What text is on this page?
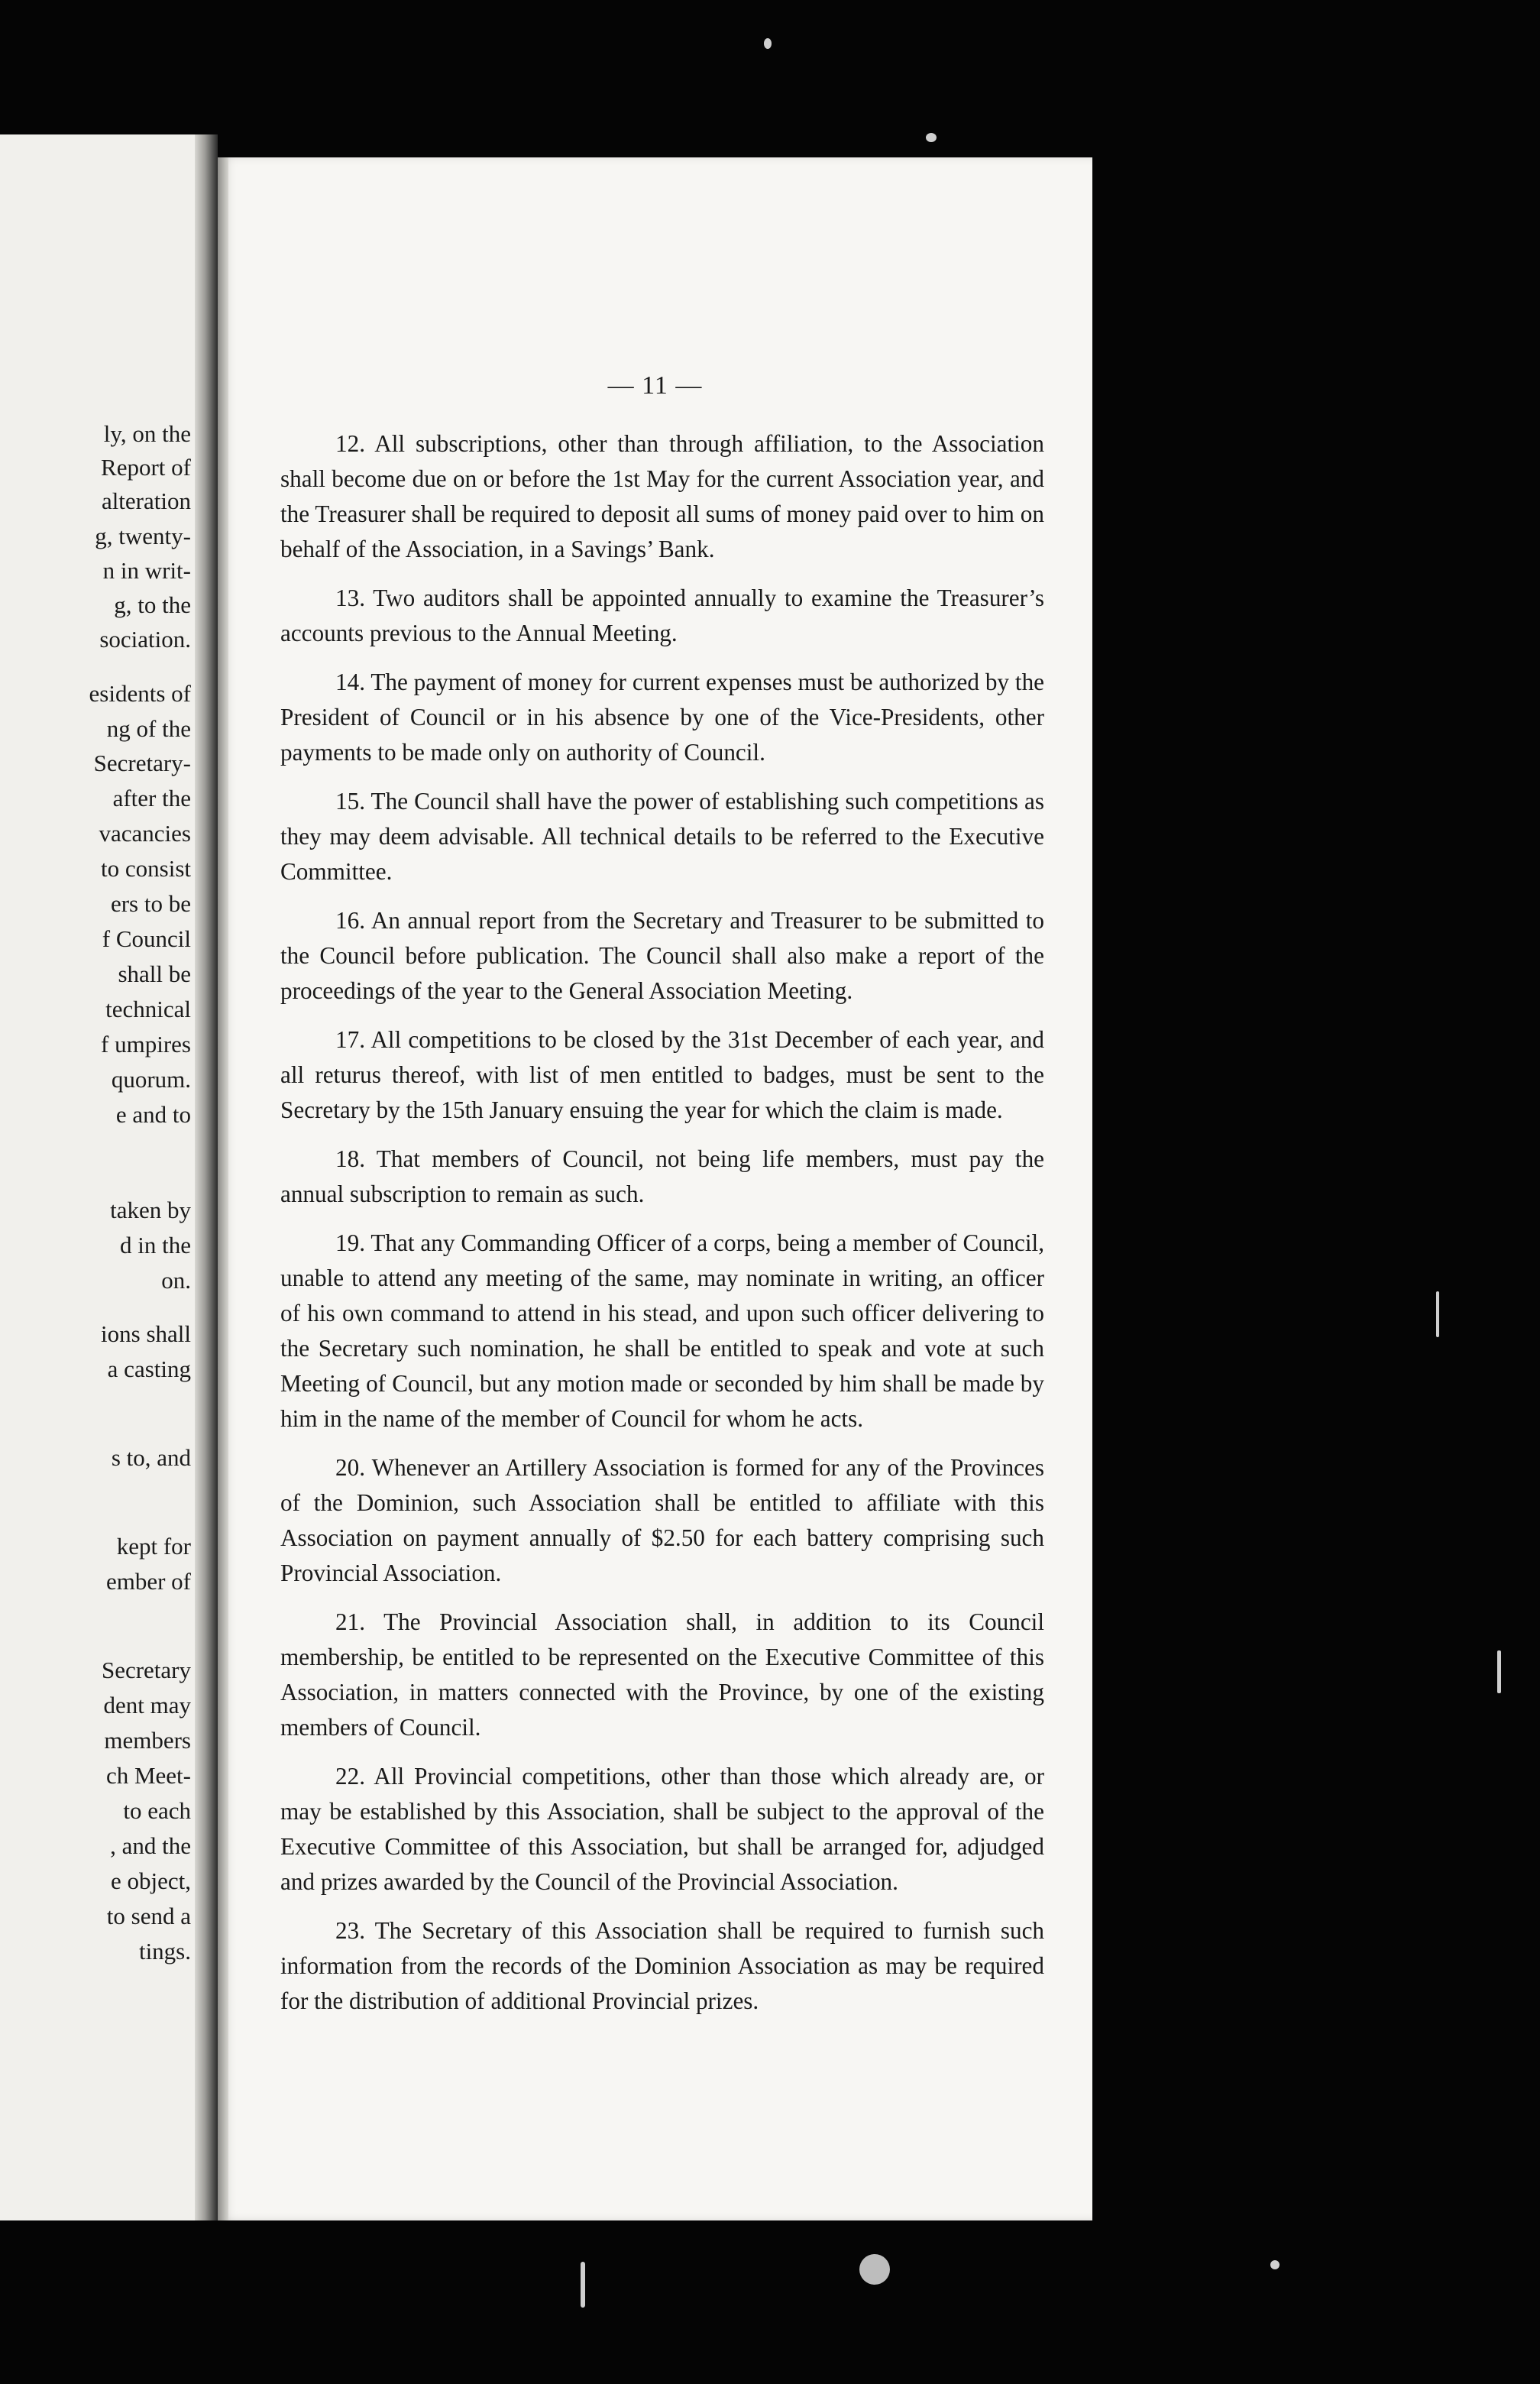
ly, on the
Report of
alteration
g, twenty-
n in writ-
g, to the
sociation.
esidents of
ng of the
Secretary-
after the
vacancies
to consist
ers to be
f Council
shall be
technical
f umpires
quorum.
e and to
taken by
d in the
on.
ions shall
a casting
s to, and
kept for
ember of
Secretary
dent may
members
ch Meet-
to each
, and the
e object,
to send a
tings.
— 11 —

12. All subscriptions, other than through affiliation, to the Association shall become due on or before the 1st May for the current Association year, and the Treasurer shall be required to deposit all sums of money paid over to him on behalf of the Association, in a Savings’ Bank.

13. Two auditors shall be appointed annually to examine the Treasurer’s accounts previous to the Annual Meeting.

14. The payment of money for current expenses must be authorized by the President of Council or in his absence by one of the Vice-Presidents, other payments to be made only on authority of Council.

15. The Council shall have the power of establishing such competitions as they may deem advisable. All technical details to be referred to the Executive Committee.

16. An annual report from the Secretary and Treasurer to be submitted to the Council before publication. The Council shall also make a report of the proceedings of the year to the General Association Meeting.

17. All competitions to be closed by the 31st December of each year, and all returus thereof, with list of men entitled to badges, must be sent to the Secretary by the 15th January ensuing the year for which the claim is made.

18. That members of Council, not being life members, must pay the annual subscription to remain as such.

19. That any Commanding Officer of a corps, being a member of Council, unable to attend any meeting of the same, may nominate in writing, an officer of his own command to attend in his stead, and upon such officer delivering to the Secretary such nomination, he shall be entitled to speak and vote at such Meeting of Council, but any motion made or seconded by him shall be made by him in the name of the member of Council for whom he acts.

20. Whenever an Artillery Association is formed for any of the Provinces of the Dominion, such Association shall be entitled to affiliate with this Association on payment annually of $2.50 for each battery comprising such Provincial Association.

21. The Provincial Association shall, in addition to its Council membership, be entitled to be represented on the Executive Committee of this Association, in matters connected with the Province, by one of the existing members of Council.

22. All Provincial competitions, other than those which already are, or may be established by this Association, shall be subject to the approval of the Executive Committee of this Association, but shall be arranged for, adjudged and prizes awarded by the Council of the Provincial Association.

23. The Secretary of this Association shall be required to furnish such information from the records of the Dominion Association as may be required for the distribution of additional Provincial prizes.
